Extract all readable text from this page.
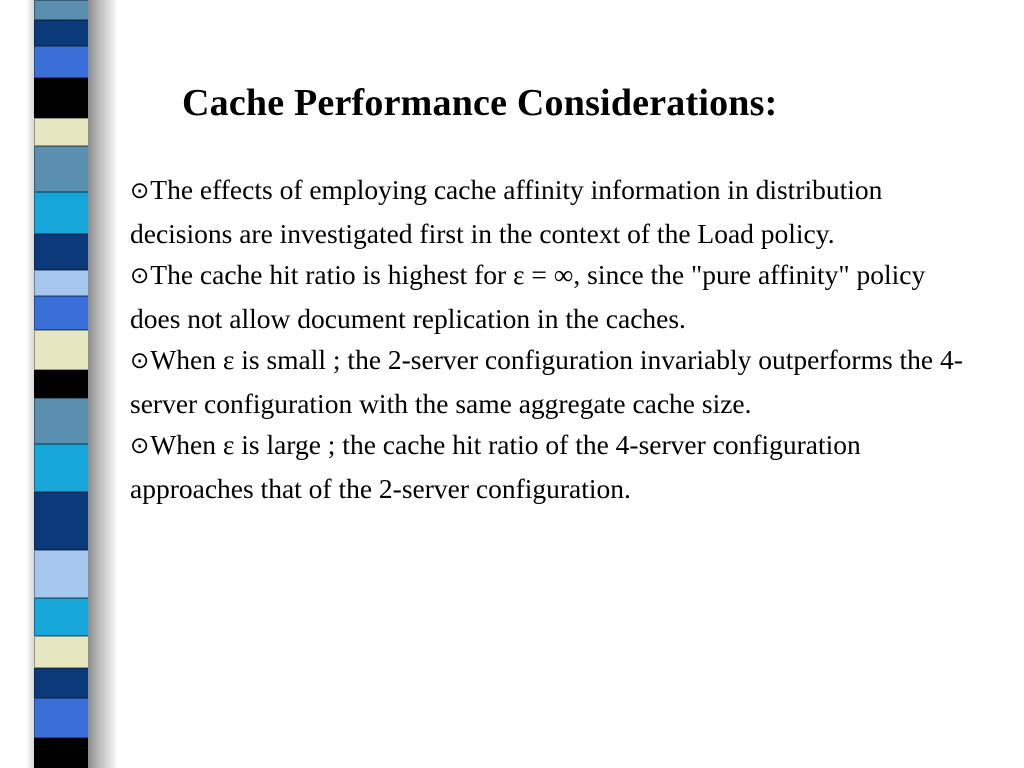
Cache Performance Considerations:

⊙The effects of employing cache affinity information in distribution decisions are investigated first in the context of the Load policy.

⊙The cache hit ratio is highest for ε = ∞, since the "pure affinity" policy does not allow document replication in the caches.

⊙When ε is small ; the 2-server configuration invariably outperforms the 4-server configuration with the same aggregate cache size.

⊙When ε is large ; the cache hit ratio of the 4-server configuration approaches that of the 2-server configuration.
